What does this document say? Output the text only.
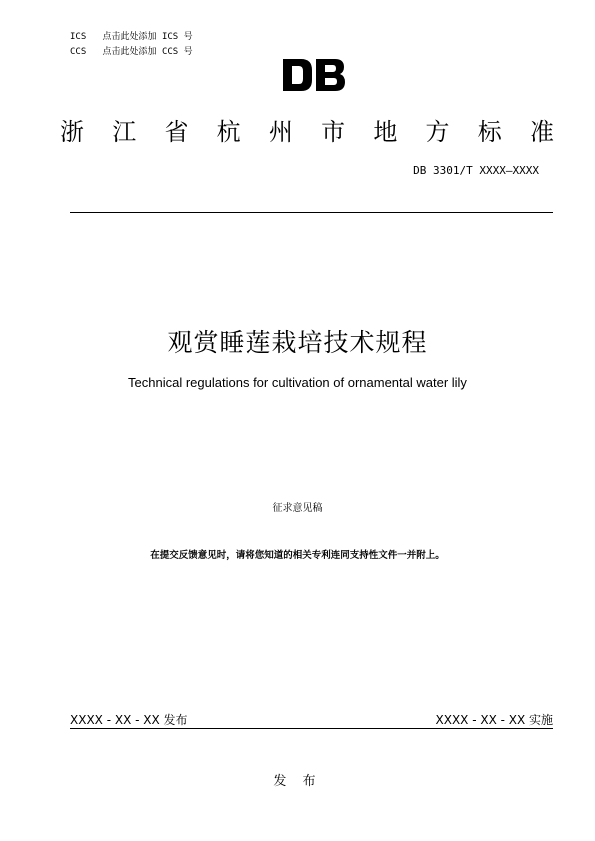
ICS 点击此处添加 ICS 号
CCS 点击此处添加 CCS 号
浙 江 省 杭 州 市 地 方 标 准
DB 3301/T XXXX—XXXX
观赏睡莲栽培技术规程
Technical regulations for cultivation of ornamental water lily
征求意见稿
在提交反馈意见时，请将您知道的相关专利连同支持性文件一并附上。
XXXX - XX - XX 发布	XXXX - XX - XX 实施
发 布
